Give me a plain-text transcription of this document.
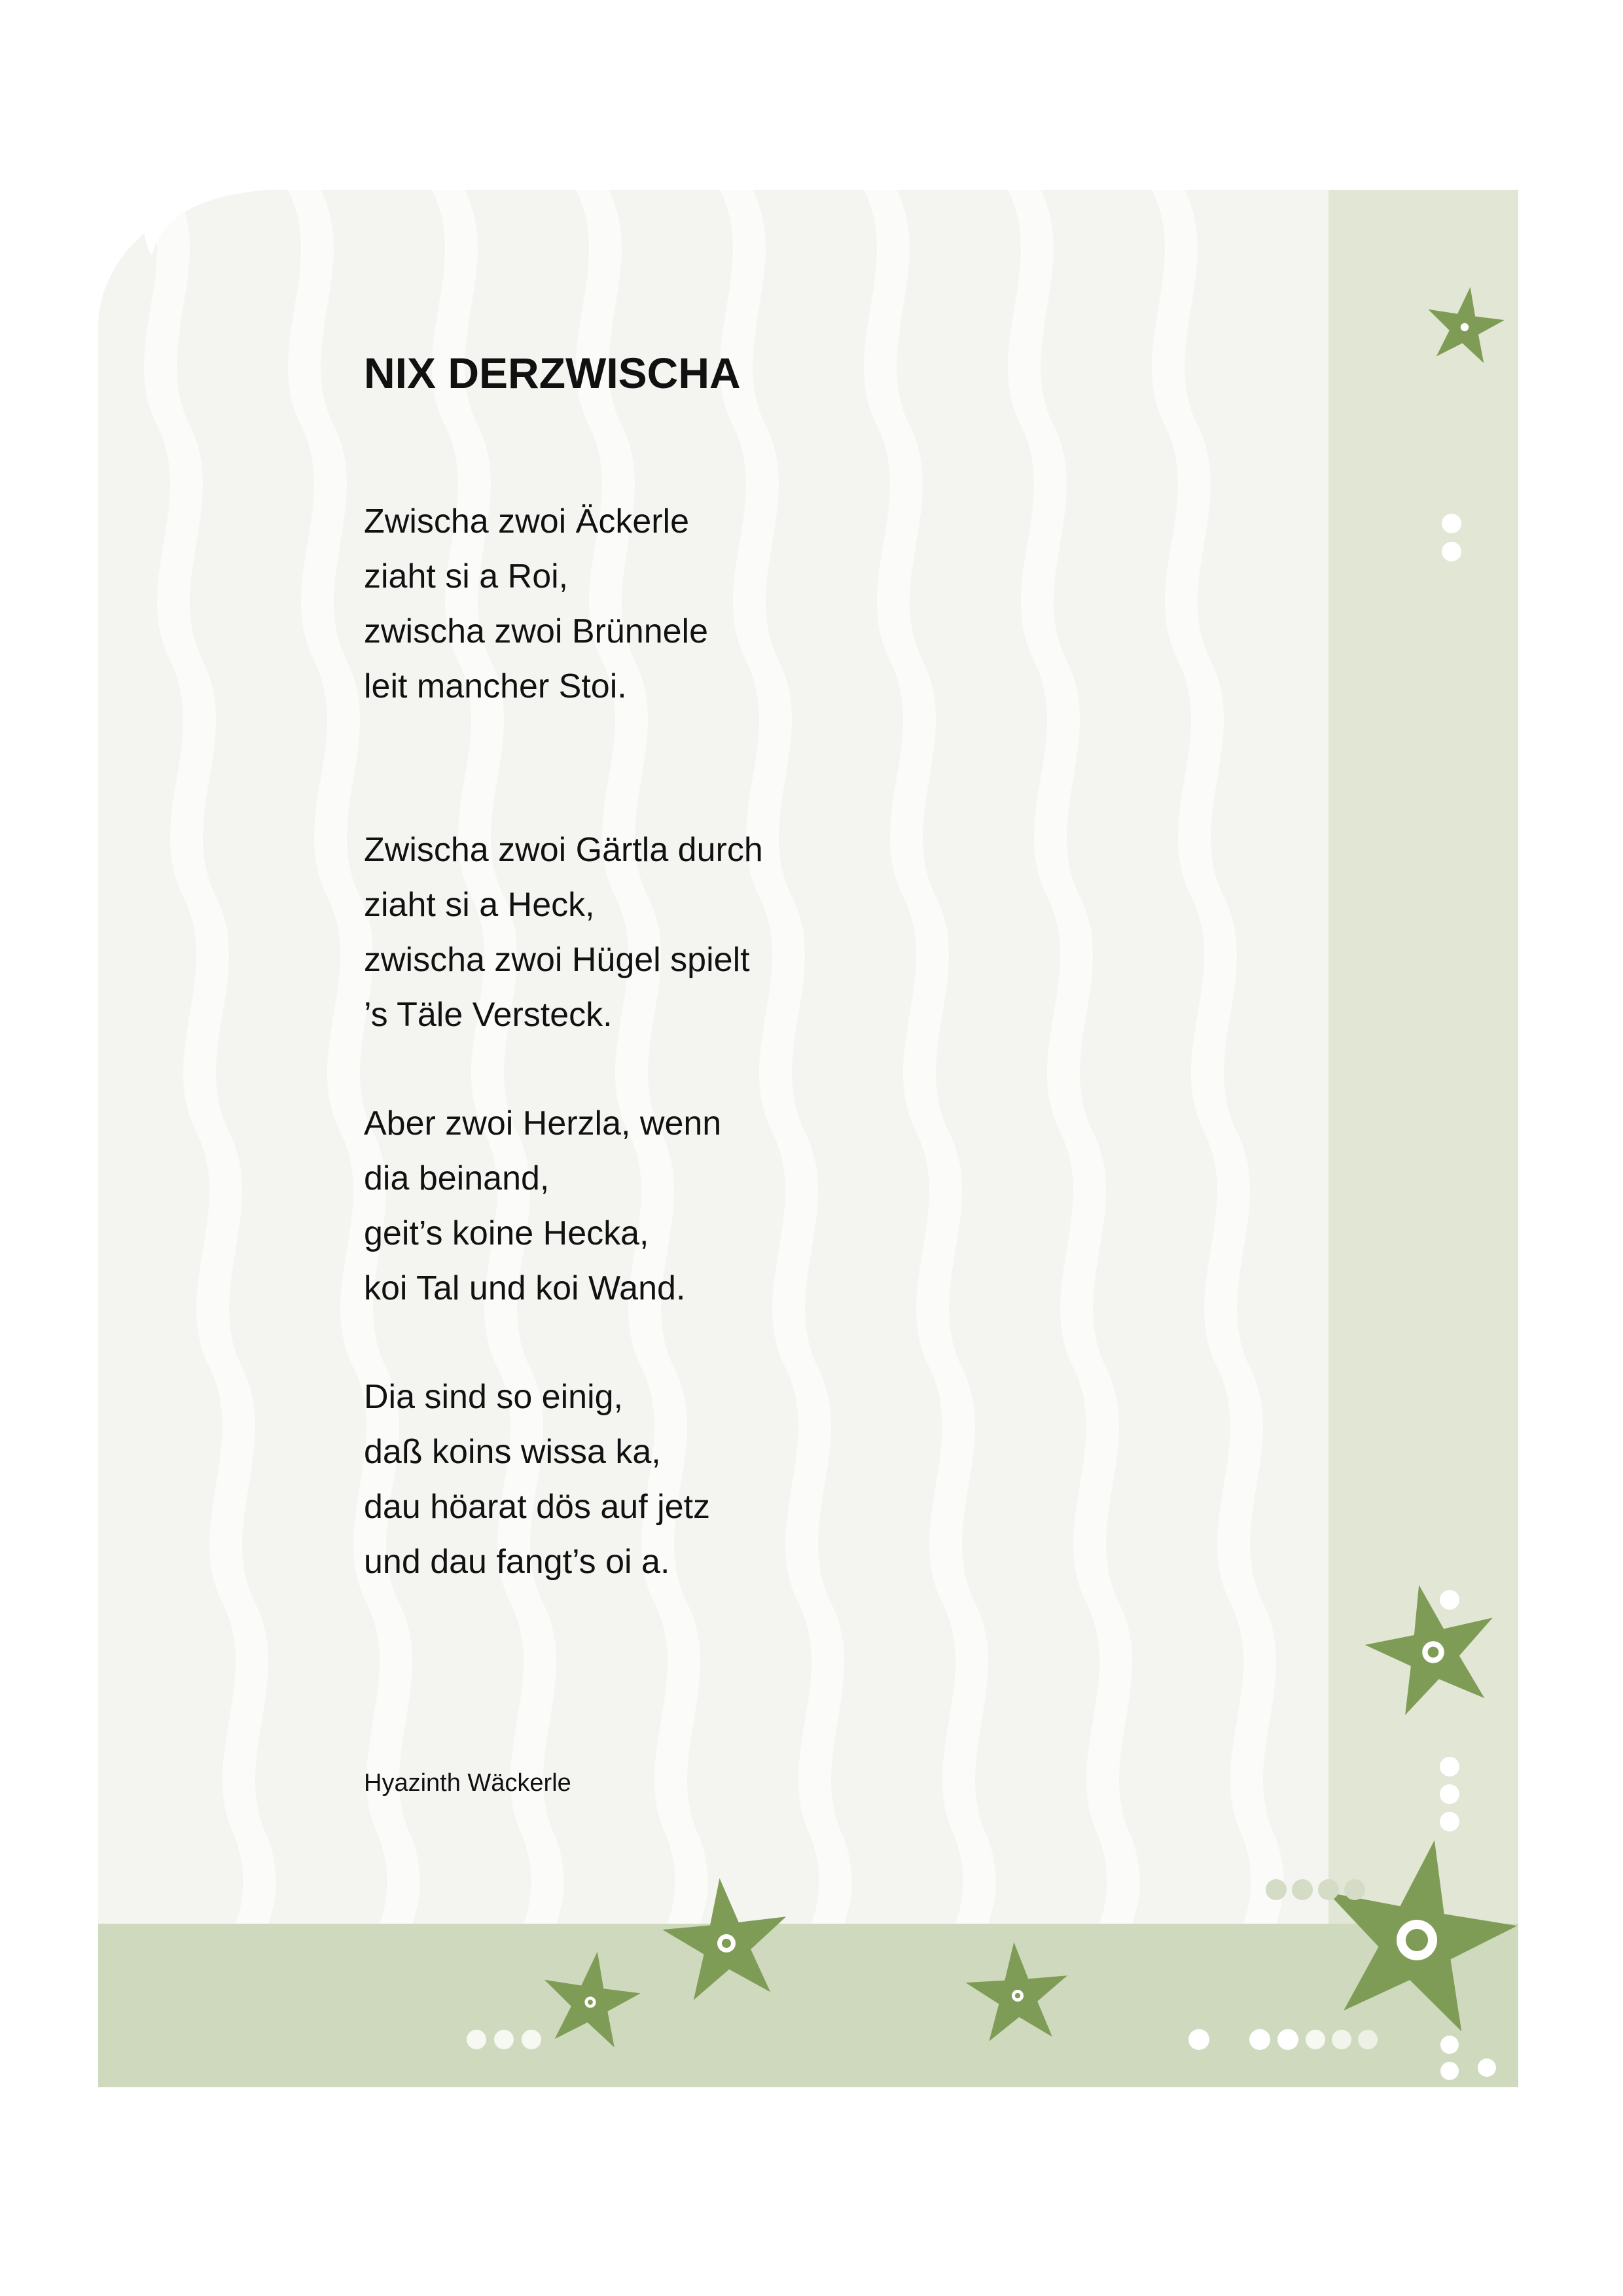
NIX DERZWISCHA

Zwischa zwoi Äckerle
ziaht si a Roi,
zwischa zwoi Brünnele
leit mancher Stoi.

Zwischa zwoi Gärtla durch
ziaht si a Heck,
zwischa zwoi Hügel spielt
’s Täle Versteck.

Aber zwoi Herzla, wenn
dia beinand,
geit’s koine Hecka,
koi Tal und koi Wand.

Dia sind so einig,
daß koins wissa ka,
dau höarat dös auf jetz
und dau fangt’s oi a.

Hyazinth Wäckerle
